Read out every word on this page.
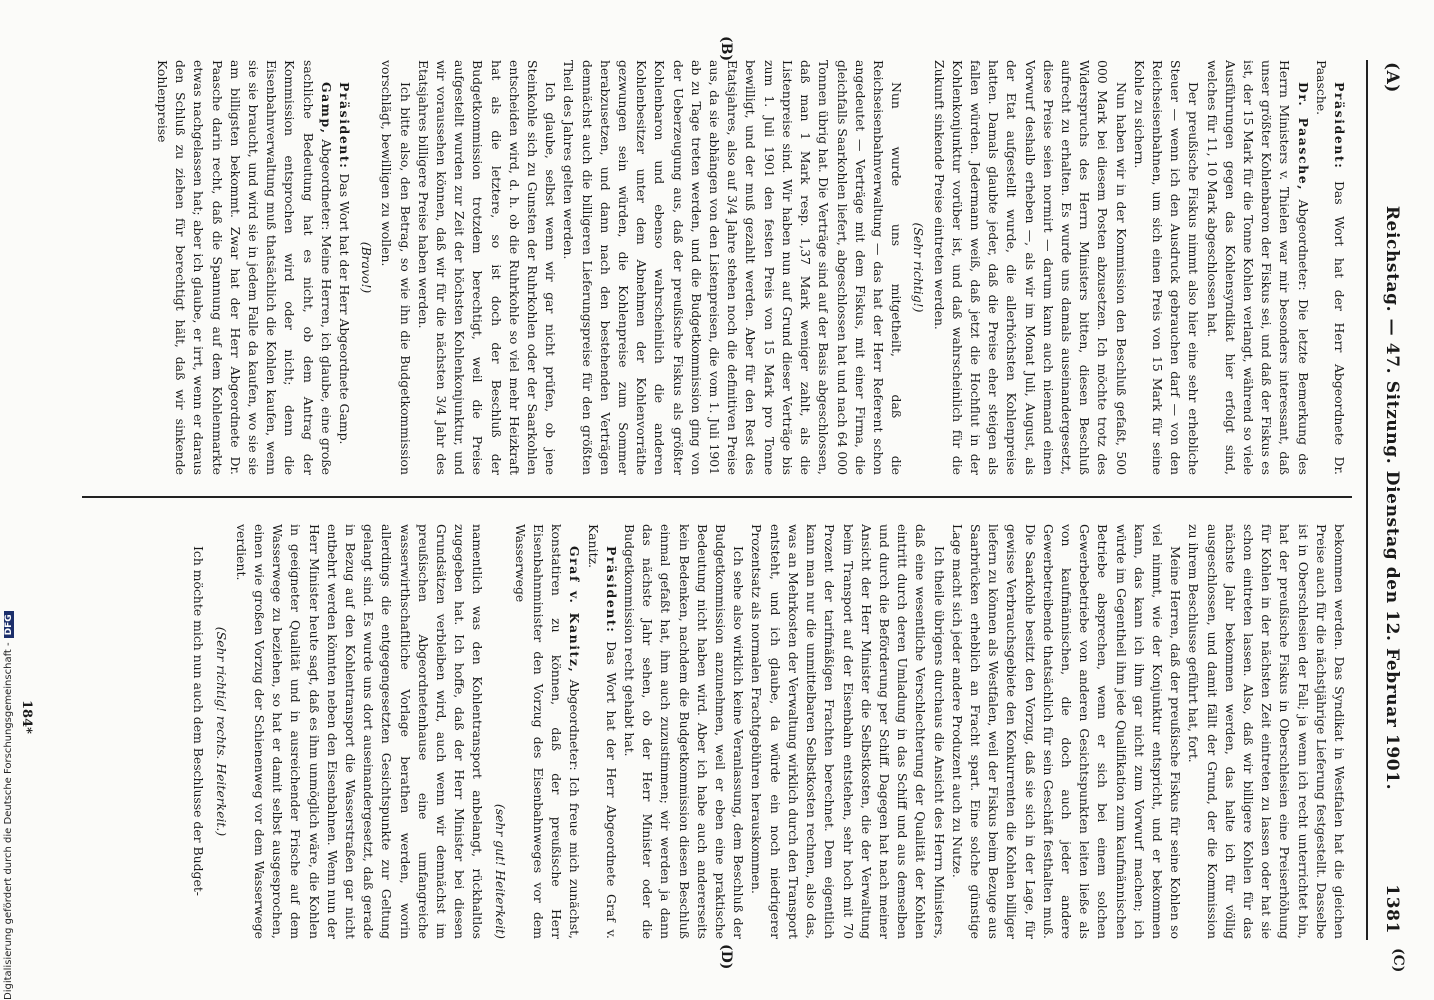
(A)
Reichstag. — 47. Sitzung. Dienstag den 12. Februar 1901.
1381
(C)
(B)
(D)

Präsident: Das Wort hat der Herr Abgeordnete Dr. Paasche.

Dr. Paasche, Abgeordneter: Die letzte Bemerkung des Herrn Ministers v. Thielen war mir besonders interessant, daß unser größter Kohlenbaron der Fiskus sei, und daß der Fiskus es ist, der 15 Mark für die Tonne Kohlen verlangt, während so viele Ausführungen gegen das Kohlensyndikat hier erfolgt sind, welches für 11, 10 Mark abgeschlossen hat.

Der preußische Fiskus nimmt also hier eine sehr erhebliche Steuer — wenn ich den Ausdruck gebrauchen darf — von den Reichseisenbahnen, um sich einen Preis von 15 Mark für seine Kohle zu sichern.

Nun haben wir in der Kommission den Beschluß gefaßt, 500 000 Mark bei diesem Posten abzusetzen. Ich möchte trotz des Widerspruchs des Herrn Ministers bitten, diesen Beschluß aufrecht zu erhalten. Es wurde uns damals auseinandergesetzt, diese Preise seien normirt — darum kann auch niemand einen Vorwurf deshalb erheben —, als wir im Monat Juli, August, als der Etat aufgestellt wurde, die allerhöchsten Kohlenpreise hatten. Damals glaubte jeder, daß die Preise eher steigen als fallen würden. Jedermann weiß, daß jetzt die Hochflut in der Kohlenkonjunktur vorüber ist, und daß wahrscheinlich für die Zukunft sinkende Preise eintreten werden.

(Sehr richtig!)

Nun wurde uns mitgetheilt, daß die Reichseisenbahnverwaltung — das hat der Herr Referent schon angedeutet — Verträge mit dem Fiskus, mit einer Firma, die gleichfalls Saarkohlen liefert, abgeschlossen hat und nach 64 000 Tonnen übrig hat. Die Verträge sind auf der Basis abgeschlossen, daß man 1 Mark resp. 1,37 Mark weniger zahlt, als die Listenpreise sind. Wir haben nun auf Grund dieser Verträge bis zum 1. Juli 1901 den festen Preis von 15 Mark pro Tonne bewilligt, und der muß gezahlt werden. Aber für den Rest des Etatsjahres, also auf 3/4 Jahre stehen noch die definitiven Preise aus, da sie abhängen von den Listenpreisen, die vom 1. Juli 1901 ab zu Tage treten werden, und die Budgetkommission ging von der Ueberzeugung aus, daß der preußische Fiskus als größter Kohlenbaron und ebenso wahrscheinlich die anderen Kohlenbesitzer unter dem Abnehmen der Kohlenvorräthe gezwungen sein würden, die Kohlenpreise zum Sommer herabzusetzen, und dann nach den bestehenden Verträgen demnächst auch die billigeren Lieferungspreise für den größten Theil des Jahres gelten werden.

Ich glaube, selbst wenn wir gar nicht prüfen, ob jene Steinkohle sich zu Gunsten der Ruhrkohlen oder der Saarkohlen entscheiden wird, d. h. ob die Ruhrkohle so viel mehr Heizkraft hat als die letztere, so ist doch der Beschluß der Budgetkommission trotzdem berechtigt, weil die Preise aufgestellt wurden zur Zeit der höchsten Kohlenkonjunktur, und wir voraussehen können, daß wir für die nächsten 3/4 Jahr des Etatsjahres billigere Preise haben werden.

Ich bitte also, den Betrag, so wie ihn die Budgetkommission vorschlägt, bewilligen zu wollen.

(Bravo!)

Präsident: Das Wort hat der Herr Abgeordnete Gamp.

Gamp, Abgeordneter: Meine Herren, ich glaube, eine große sachliche Bedeutung hat es nicht, ob dem Antrag der Kommission entsprochen wird oder nicht; denn die Eisenbahnverwaltung muß thatsächlich die Kohlen kaufen, wenn sie sie braucht, und wird sie in jedem Falle da kaufen, wo sie sie am billigsten bekommt. Zwar hat der Herr Abgeordnete Dr. Paasche darin recht, daß die Spannung auf dem Kohlenmarkte etwas nachgelassen hat; aber ich glaube, er irrt, wenn er daraus den Schluß zu ziehen für berechtigt hält, daß wir sinkende Kohlenpreise

bekommen werden. Das Syndikat in Westfalen hat die gleichen Preise auch für die nächstjährige Lieferung festgestellt. Dasselbe ist in Oberschlesien der Fall; ja wenn ich recht unterrichtet bin, hat der preußische Fiskus in Oberschlesien eine Preiserhöhung für Kohlen in der nächsten Zeit eintreten zu lassen oder hat sie schon eintreten lassen. Also, daß wir billigere Kohlen für das nächste Jahr bekommen werden, das halte ich für völlig ausgeschlossen, und damit fällt der Grund, der die Kommission zu ihrem Beschlusse geführt hat, fort.

Meine Herren, daß der preußische Fiskus für seine Kohlen so viel nimmt, wie der Konjunktur entspricht, und er bekommen kann, das kann ich ihm gar nicht zum Vorwurf machen; ich würde im Gegentheil ihm jede Qualifikation zum kaufmännischen Betriebe absprechen, wenn er sich bei einem solchen Gewerbebetriebe von anderen Gesichtspunkten leiten ließe als von kaufmännischen, die doch auch jeder andere Gewerbetreibende thatsächlich für sein Geschäft festhalten muß. Die Saarkohle besitzt den Vorzug, daß sie sich in der Lage, für gewisse Verbrauchsgebiete den Konkurrenten die Kohlen billiger liefern zu können als Westfalen, weil der Fiskus beim Bezuge aus Saarbrücken erheblich an Fracht spart. Eine solche günstige Lage macht sich jeder andere Produzent auch zu Nutze.

Ich theile übrigens durchaus die Ansicht des Herrn Ministers, daß eine wesentliche Verschlechterung der Qualität der Kohlen eintritt durch deren Umladung in das Schiff und aus demselben und durch die Beförderung per Schiff. Dagegen hat nach meiner Ansicht der Herr Minister die Selbstkosten, die der Verwaltung beim Transport auf der Eisenbahn entstehen, sehr hoch mit 70 Prozent der tarifmäßigen Frachten berechnet. Dem eigentlich kann man nur die unmittelbaren Selbstkosten rechnen, also das, was an Mehrkosten der Verwaltung wirklich durch den Transport entsteht, und ich glaube, da würde ein noch niedrigerer Prozentsatz als normalen Frachtgebühren herauskommen.

Ich sehe also wirklich keine Veranlassung, dem Beschluß der Budgetkommission anzunehmen, weil er eben eine praktische Bedeutung nicht haben wird. Aber ich habe auch andererseits kein Bedenken, nachdem die Budgetkommission diesen Beschluß einmal gefaßt hat, ihm auch zuzustimmen; wir werden ja dann das nächste Jahr sehen, ob der Herr Minister oder die Budgetkommission recht gehabt hat.

Präsident: Das Wort hat der Herr Abgeordnete Graf v. Kanitz.

Graf v. Kanitz, Abgeordneter: Ich freue mich zunächst, konstatiren zu können, daß der preußische Herr Eisenbahnminister den Vorzug des Eisenbahnweges vor dem Wasserwege

(sehr gut! Heiterkeit)

namentlich was den Kohlentransport anbelangt, rückhaltlos zugegeben hat. Ich hoffe, daß der Herr Minister bei diesen Grundsätzen verbleiben wird, auch wenn wir demnächst im preußischen Abgeordnetenhause eine umfangreiche wasserwirthschaftliche Vorlage berathen werden, worin allerdings die entgegengesetzten Gesichtspunkte zur Geltung gelangt sind. Es wurde uns dort auseinandergesetzt, daß gerade in Bezug auf den Kohlentransport die Wasserstraßen gar nicht entbehrt werden könnten neben den Eisenbahnen. Wenn nun der Herr Minister heute sagt, daß es ihm unmöglich wäre, die Kohlen in geeigneter Qualität und in ausreichender Frische auf dem Wasserwege zu beziehen, so hat er damit selbst ausgesprochen, einen wie großen Vorzug der Schienenweg vor dem Wasserwege verdient.

(Sehr richtig! rechts. Heiterkeit.)

Ich möchte mich nun auch dem Beschlusse der Budget-

184*
Digitalisierung gefördert durch die Deutsche Forschungsgemeinschaft -DFG
